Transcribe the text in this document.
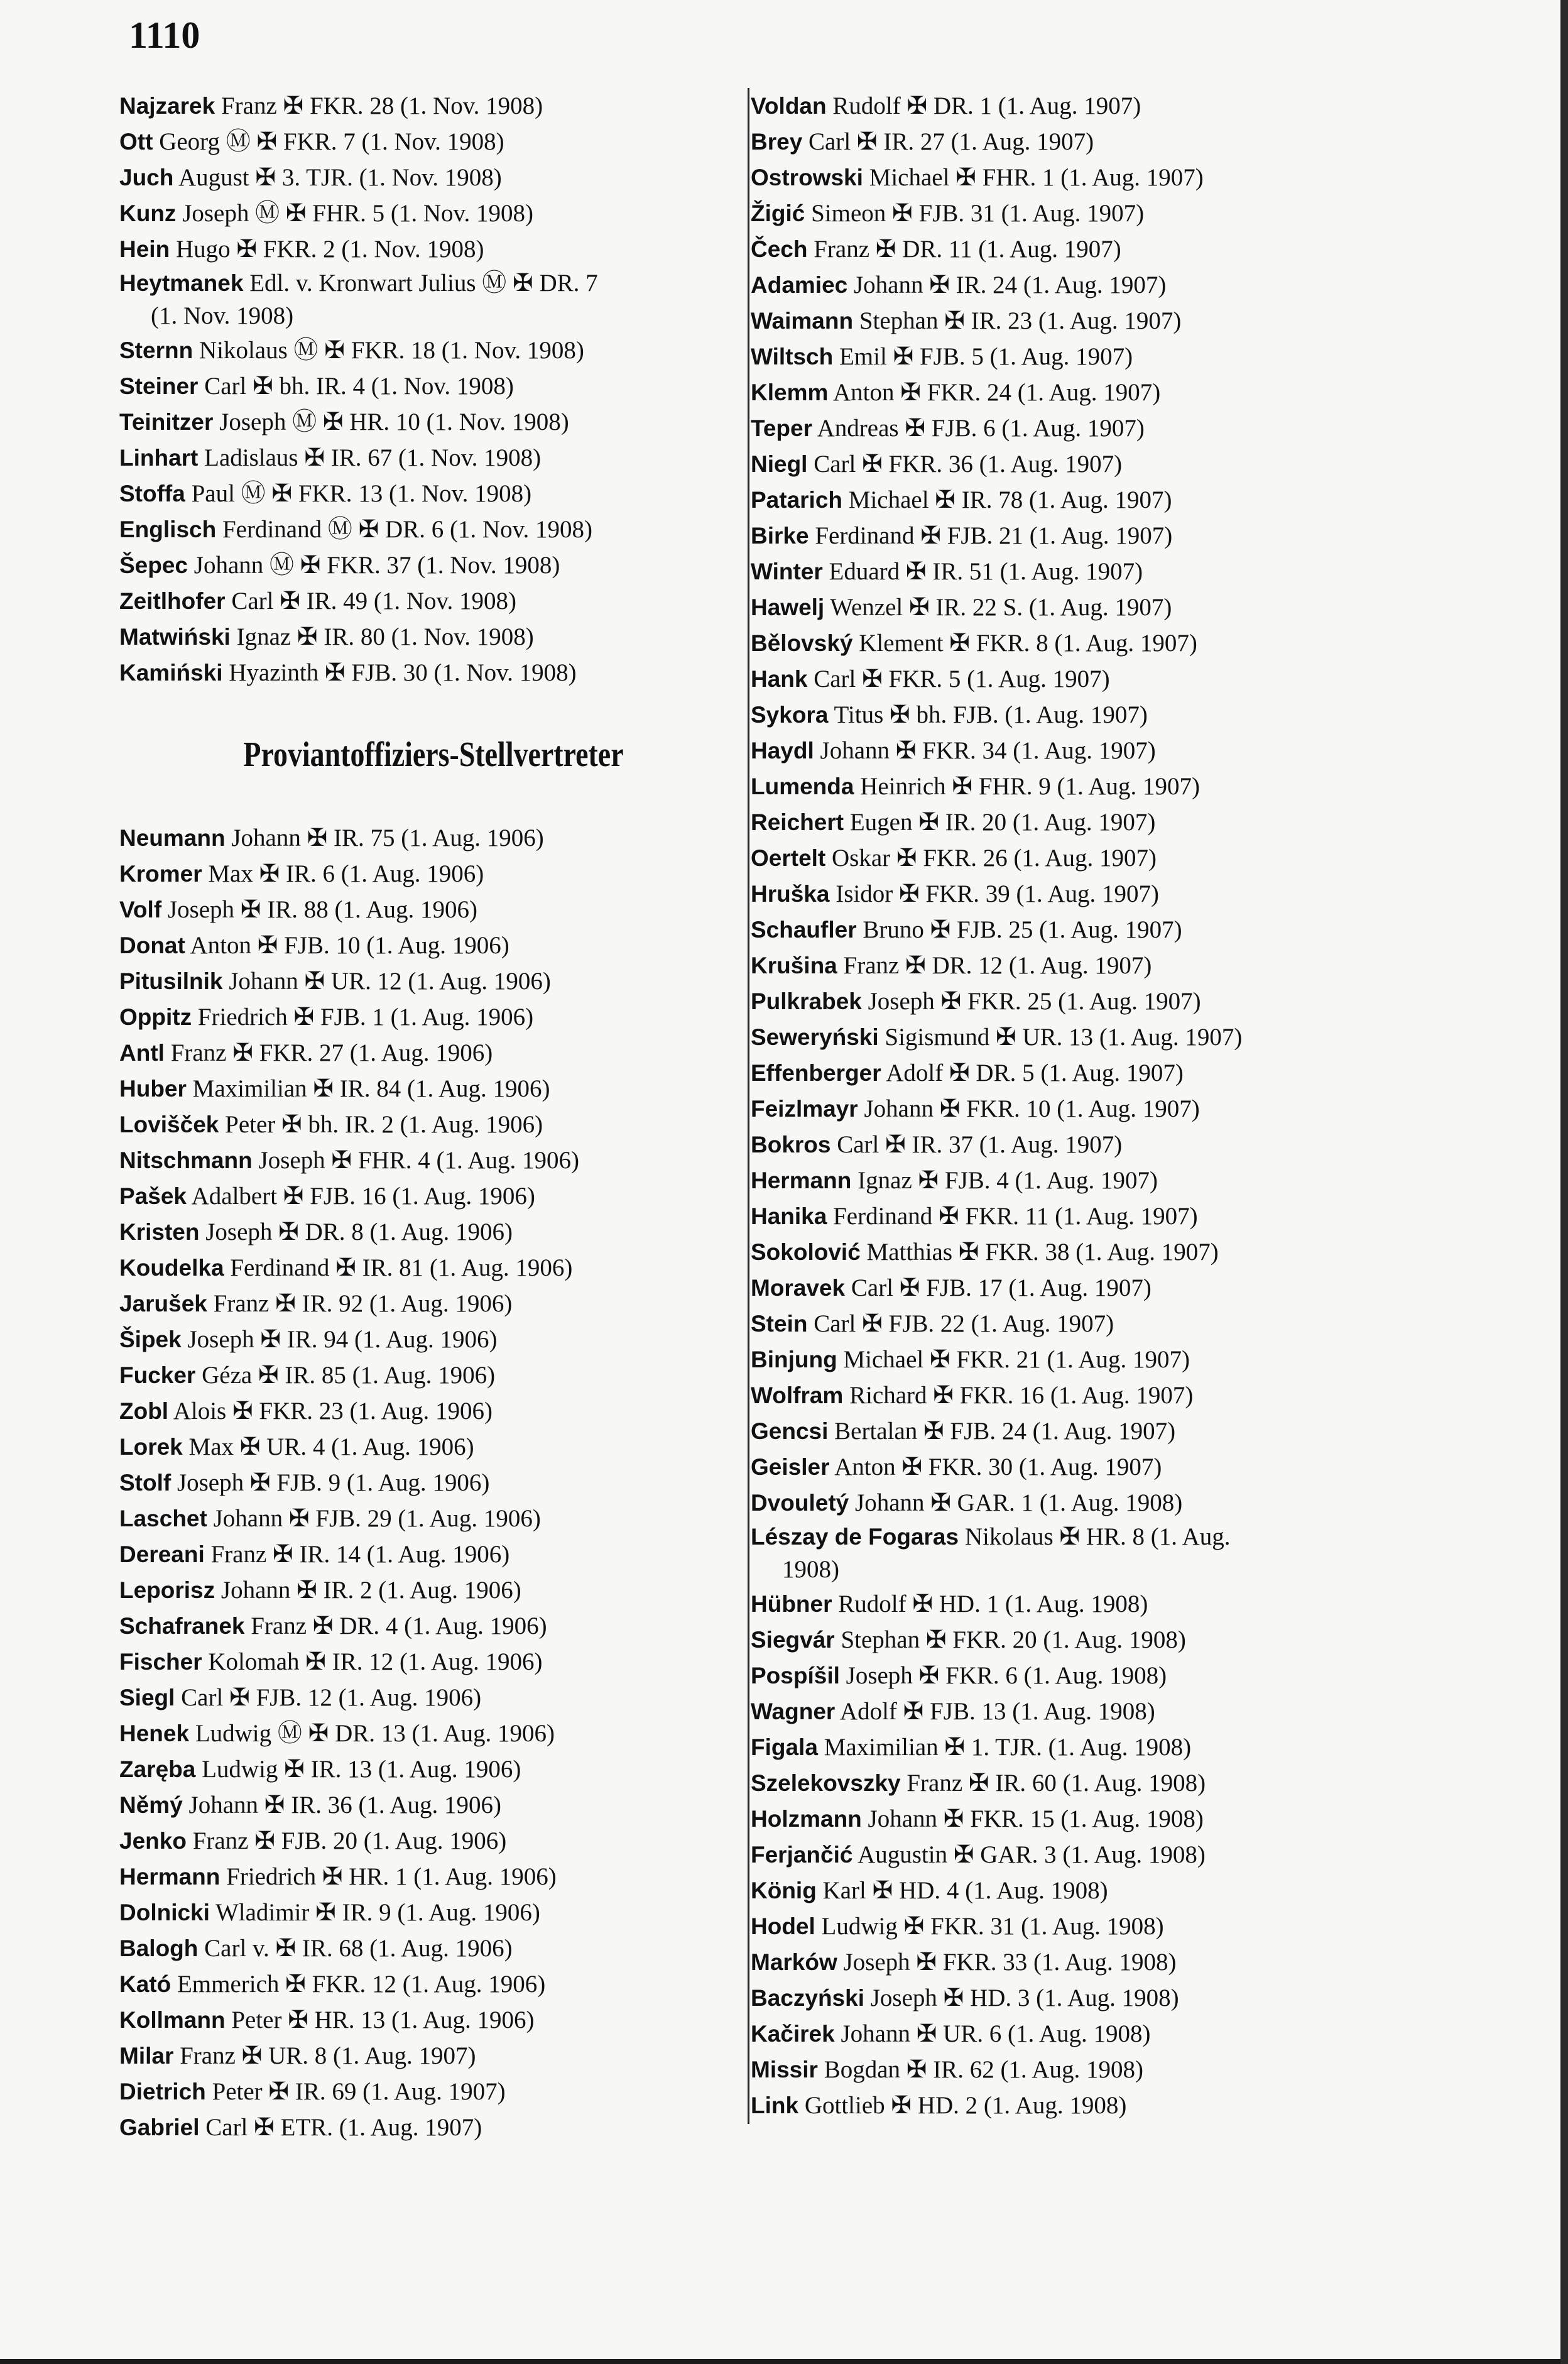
1110
Najzarek Franz ✠ FKR. 28 (1. Nov. 1908)
Ott Georg Ⓜ ✠ FKR. 7 (1. Nov. 1908)
Juch August ✠ 3. TJR. (1. Nov. 1908)
Kunz Joseph Ⓜ ✠ FHR. 5 (1. Nov. 1908)
Hein Hugo ✠ FKR. 2 (1. Nov. 1908)
Heytmanek Edl. v. Kronwart Julius Ⓜ ✠ DR. 7
(1. Nov. 1908)
Sternn Nikolaus Ⓜ ✠ FKR. 18 (1. Nov. 1908)
Steiner Carl ✠ bh. IR. 4 (1. Nov. 1908)
Teinitzer Joseph Ⓜ ✠ HR. 10 (1. Nov. 1908)
Linhart Ladislaus ✠ IR. 67 (1. Nov. 1908)
Stoffa Paul Ⓜ ✠ FKR. 13 (1. Nov. 1908)
Englisch Ferdinand Ⓜ ✠ DR. 6 (1. Nov. 1908)
Šepec Johann Ⓜ ✠ FKR. 37 (1. Nov. 1908)
Zeitlhofer Carl ✠ IR. 49 (1. Nov. 1908)
Matwiński Ignaz ✠ IR. 80 (1. Nov. 1908)
Kamiński Hyazinth ✠ FJB. 30 (1. Nov. 1908)
Proviantoffiziers-Stellvertreter
Neumann Johann ✠ IR. 75 (1. Aug. 1906)
Kromer Max ✠ IR. 6 (1. Aug. 1906)
Volf Joseph ✠ IR. 88 (1. Aug. 1906)
Donat Anton ✠ FJB. 10 (1. Aug. 1906)
Pitusilnik Johann ✠ UR. 12 (1. Aug. 1906)
Oppitz Friedrich ✠ FJB. 1 (1. Aug. 1906)
Antl Franz ✠ FKR. 27 (1. Aug. 1906)
Huber Maximilian ✠ IR. 84 (1. Aug. 1906)
Lovišček Peter ✠ bh. IR. 2 (1. Aug. 1906)
Nitschmann Joseph ✠ FHR. 4 (1. Aug. 1906)
Pašek Adalbert ✠ FJB. 16 (1. Aug. 1906)
Kristen Joseph ✠ DR. 8 (1. Aug. 1906)
Koudelka Ferdinand ✠ IR. 81 (1. Aug. 1906)
Jarušek Franz ✠ IR. 92 (1. Aug. 1906)
Šipek Joseph ✠ IR. 94 (1. Aug. 1906)
Fucker Géza ✠ IR. 85 (1. Aug. 1906)
Zobl Alois ✠ FKR. 23 (1. Aug. 1906)
Lorek Max ✠ UR. 4 (1. Aug. 1906)
Stolf Joseph ✠ FJB. 9 (1. Aug. 1906)
Laschet Johann ✠ FJB. 29 (1. Aug. 1906)
Dereani Franz ✠ IR. 14 (1. Aug. 1906)
Leporisz Johann ✠ IR. 2 (1. Aug. 1906)
Schafranek Franz ✠ DR. 4 (1. Aug. 1906)
Fischer Kolomah ✠ IR. 12 (1. Aug. 1906)
Siegl Carl ✠ FJB. 12 (1. Aug. 1906)
Henek Ludwig Ⓜ ✠ DR. 13 (1. Aug. 1906)
Zaręba Ludwig ✠ IR. 13 (1. Aug. 1906)
Němý Johann ✠ IR. 36 (1. Aug. 1906)
Jenko Franz ✠ FJB. 20 (1. Aug. 1906)
Hermann Friedrich ✠ HR. 1 (1. Aug. 1906)
Dolnicki Wladimir ✠ IR. 9 (1. Aug. 1906)
Balogh Carl v. ✠ IR. 68 (1. Aug. 1906)
Kató Emmerich ✠ FKR. 12 (1. Aug. 1906)
Kollmann Peter ✠ HR. 13 (1. Aug. 1906)
Milar Franz ✠ UR. 8 (1. Aug. 1907)
Dietrich Peter ✠ IR. 69 (1. Aug. 1907)
Gabriel Carl ✠ ETR. (1. Aug. 1907)
Voldan Rudolf ✠ DR. 1 (1. Aug. 1907)
Brey Carl ✠ IR. 27 (1. Aug. 1907)
Ostrowski Michael ✠ FHR. 1 (1. Aug. 1907)
Žigić Simeon ✠ FJB. 31 (1. Aug. 1907)
Čech Franz ✠ DR. 11 (1. Aug. 1907)
Adamiec Johann ✠ IR. 24 (1. Aug. 1907)
Waimann Stephan ✠ IR. 23 (1. Aug. 1907)
Wiltsch Emil ✠ FJB. 5 (1. Aug. 1907)
Klemm Anton ✠ FKR. 24 (1. Aug. 1907)
Teper Andreas ✠ FJB. 6 (1. Aug. 1907)
Niegl Carl ✠ FKR. 36 (1. Aug. 1907)
Patarich Michael ✠ IR. 78 (1. Aug. 1907)
Birke Ferdinand ✠ FJB. 21 (1. Aug. 1907)
Winter Eduard ✠ IR. 51 (1. Aug. 1907)
Hawelj Wenzel ✠ IR. 22 S. (1. Aug. 1907)
Bělovský Klement ✠ FKR. 8 (1. Aug. 1907)
Hank Carl ✠ FKR. 5 (1. Aug. 1907)
Sykora Titus ✠ bh. FJB. (1. Aug. 1907)
Haydl Johann ✠ FKR. 34 (1. Aug. 1907)
Lumenda Heinrich ✠ FHR. 9 (1. Aug. 1907)
Reichert Eugen ✠ IR. 20 (1. Aug. 1907)
Oertelt Oskar ✠ FKR. 26 (1. Aug. 1907)
Hruška Isidor ✠ FKR. 39 (1. Aug. 1907)
Schaufler Bruno ✠ FJB. 25 (1. Aug. 1907)
Krušina Franz ✠ DR. 12 (1. Aug. 1907)
Pulkrabek Joseph ✠ FKR. 25 (1. Aug. 1907)
Seweryński Sigismund ✠ UR. 13 (1. Aug. 1907)
Effenberger Adolf ✠ DR. 5 (1. Aug. 1907)
Feizlmayr Johann ✠ FKR. 10 (1. Aug. 1907)
Bokros Carl ✠ IR. 37 (1. Aug. 1907)
Hermann Ignaz ✠ FJB. 4 (1. Aug. 1907)
Hanika Ferdinand ✠ FKR. 11 (1. Aug. 1907)
Sokolović Matthias ✠ FKR. 38 (1. Aug. 1907)
Moravek Carl ✠ FJB. 17 (1. Aug. 1907)
Stein Carl ✠ FJB. 22 (1. Aug. 1907)
Binjung Michael ✠ FKR. 21 (1. Aug. 1907)
Wolfram Richard ✠ FKR. 16 (1. Aug. 1907)
Gencsi Bertalan ✠ FJB. 24 (1. Aug. 1907)
Geisler Anton ✠ FKR. 30 (1. Aug. 1907)
Dvouletý Johann ✠ GAR. 1 (1. Aug. 1908)
Lészay de Fogaras Nikolaus ✠ HR. 8 (1. Aug.
1908)
Hübner Rudolf ✠ HD. 1 (1. Aug. 1908)
Siegvár Stephan ✠ FKR. 20 (1. Aug. 1908)
Pospíšil Joseph ✠ FKR. 6 (1. Aug. 1908)
Wagner Adolf ✠ FJB. 13 (1. Aug. 1908)
Figala Maximilian ✠ 1. TJR. (1. Aug. 1908)
Szelekovszky Franz ✠ IR. 60 (1. Aug. 1908)
Holzmann Johann ✠ FKR. 15 (1. Aug. 1908)
Ferjančić Augustin ✠ GAR. 3 (1. Aug. 1908)
König Karl ✠ HD. 4 (1. Aug. 1908)
Hodel Ludwig ✠ FKR. 31 (1. Aug. 1908)
Marków Joseph ✠ FKR. 33 (1. Aug. 1908)
Baczyński Joseph ✠ HD. 3 (1. Aug. 1908)
Kačirek Johann ✠ UR. 6 (1. Aug. 1908)
Missir Bogdan ✠ IR. 62 (1. Aug. 1908)
Link Gottlieb ✠ HD. 2 (1. Aug. 1908)
